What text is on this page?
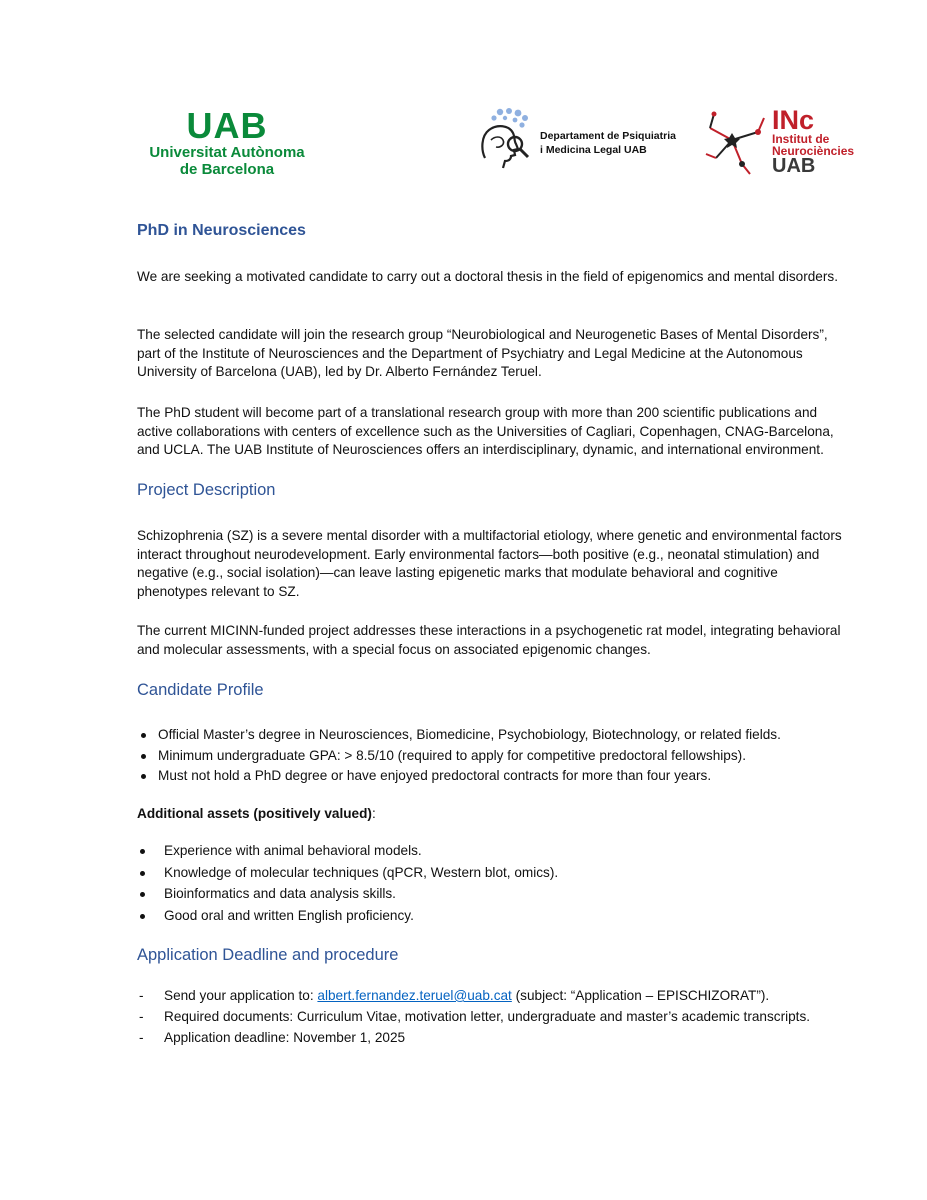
UAB
Universitat Autònoma
de Barcelona
Departament de Psiquiatria
i Medicina Legal UAB
INc
Institut de
Neurociències
UAB
PhD in Neurosciences

We are seeking a motivated candidate to carry out a doctoral thesis in the field of epigenomics and mental disorders.

The selected candidate will join the research group “Neurobiological and Neurogenetic Bases of Mental Disorders”, part of the Institute of Neurosciences and the Department of Psychiatry and Legal Medicine at the Autonomous University of Barcelona (UAB), led by Dr. Alberto Fernández Teruel.

The PhD student will become part of a translational research group with more than 200 scientific publications and active collaborations with centers of excellence such as the Universities of Cagliari, Copenhagen, CNAG-Barcelona, and UCLA. The UAB Institute of Neurosciences offers an interdisciplinary, dynamic, and international environment.

Project Description

Schizophrenia (SZ) is a severe mental disorder with a multifactorial etiology, where genetic and environmental factors interact throughout neurodevelopment. Early environmental factors—both positive (e.g., neonatal stimulation) and negative (e.g., social isolation)—can leave lasting epigenetic marks that modulate behavioral and cognitive phenotypes relevant to SZ.

The current MICINN-funded project addresses these interactions in a psychogenetic rat model, integrating behavioral and molecular assessments, with a special focus on associated epigenomic changes.

Candidate Profile
Official Master’s degree in Neurosciences, Biomedicine, Psychobiology, Biotechnology, or related fields.
Minimum undergraduate GPA: > 8.5/10 (required to apply for competitive predoctoral fellowships).
Must not hold a PhD degree or have enjoyed predoctoral contracts for more than four years.
Additional assets (positively valued):
Experience with animal behavioral models.
Knowledge of molecular techniques (qPCR, Western blot, omics).
Bioinformatics and data analysis skills.
Good oral and written English proficiency.
Application Deadline and procedure
- Send your application to: albert.fernandez.teruel@uab.cat (subject: “Application – EPISCHIZORAT”).
- Required documents: Curriculum Vitae, motivation letter, undergraduate and master’s academic transcripts.
- Application deadline: November 1, 2025
